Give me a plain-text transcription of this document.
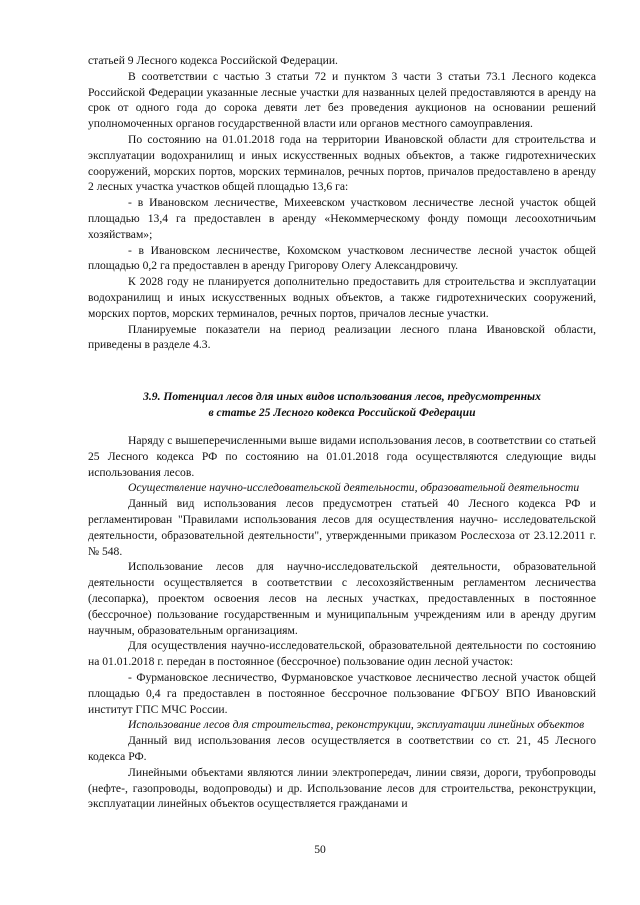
статьей 9 Лесного кодекса Российской Федерации.

В соответствии с частью 3 статьи 72 и пунктом 3 части 3 статьи 73.1 Лесного кодекса Российской Федерации указанные лесные участки для названных целей предоставляются в аренду на срок от одного года до сорока девяти лет без проведения аукционов на основании решений уполномоченных органов государственной власти или органов местного самоуправления.

По состоянию на 01.01.2018 года на территории Ивановской области для строительства и эксплуатации водохранилищ и иных искусственных водных объектов, а также гидротехнических сооружений, морских портов, морских терминалов, речных портов, причалов предоставлено в аренду 2 лесных участка участков общей площадью 13,6 га:

- в Ивановском лесничестве, Михеевском участковом лесничестве лесной участок общей площадью 13,4 га предоставлен в аренду «Некоммерческому фонду помощи лесоохотничьим хозяйствам»;

- в Ивановском лесничестве, Кохомском участковом лесничестве лесной участок общей площадью 0,2 га предоставлен в аренду Григорову Олегу Александровичу.

К 2028 году не планируется дополнительно предоставить для строительства и эксплуатации водохранилищ и иных искусственных водных объектов, а также гидротехнических сооружений, морских портов, морских терминалов, речных портов, причалов лесные участки.

Планируемые показатели на период реализации лесного плана Ивановской области, приведены в разделе 4.3.

3.9. Потенциал лесов для иных видов использования лесов, предусмотренных

в статье 25 Лесного кодекса Российской Федерации

Наряду с вышеперечисленными выше видами использования лесов, в соответствии со статьей 25 Лесного кодекса РФ по состоянию на 01.01.2018 года осуществляются следующие виды использования лесов.

Осуществление научно-исследовательской деятельности, образовательной деятельности

Данный вид использования лесов предусмотрен статьей 40 Лесного кодекса РФ и регламентирован "Правилами использования лесов для осуществления научно- исследовательской деятельности, образовательной деятельности", утвержденными приказом Рослесхоза от 23.12.2011 г. № 548.

Использование лесов для научно-исследовательской деятельности, образовательной деятельности осуществляется в соответствии с лесохозяйственным регламентом лесничества (лесопарка), проектом освоения лесов на лесных участках, предоставленных в постоянное (бессрочное) пользование государственным и муниципальным учреждениям или в аренду другим научным, образовательным организациям.

Для осуществления научно-исследовательской, образовательной деятельности по состоянию на 01.01.2018 г. передан в постоянное (бессрочное) пользование один лесной участок:

- Фурмановское лесничество, Фурмановское участковое лесничество лесной участок общей площадью 0,4 га предоставлен в постоянное бессрочное пользование ФГБОУ ВПО Ивановский институт ГПС МЧС России.

Использование лесов для строительства, реконструкции, эксплуатации линейных объектов

Данный вид использования лесов осуществляется в соответствии со ст. 21, 45 Лесного кодекса РФ.

Линейными объектами являются линии электропередач, линии связи, дороги, трубопроводы (нефте-, газопроводы, водопроводы) и др. Использование лесов для строительства, реконструкции, эксплуатации линейных объектов осуществляется гражданами и

50
